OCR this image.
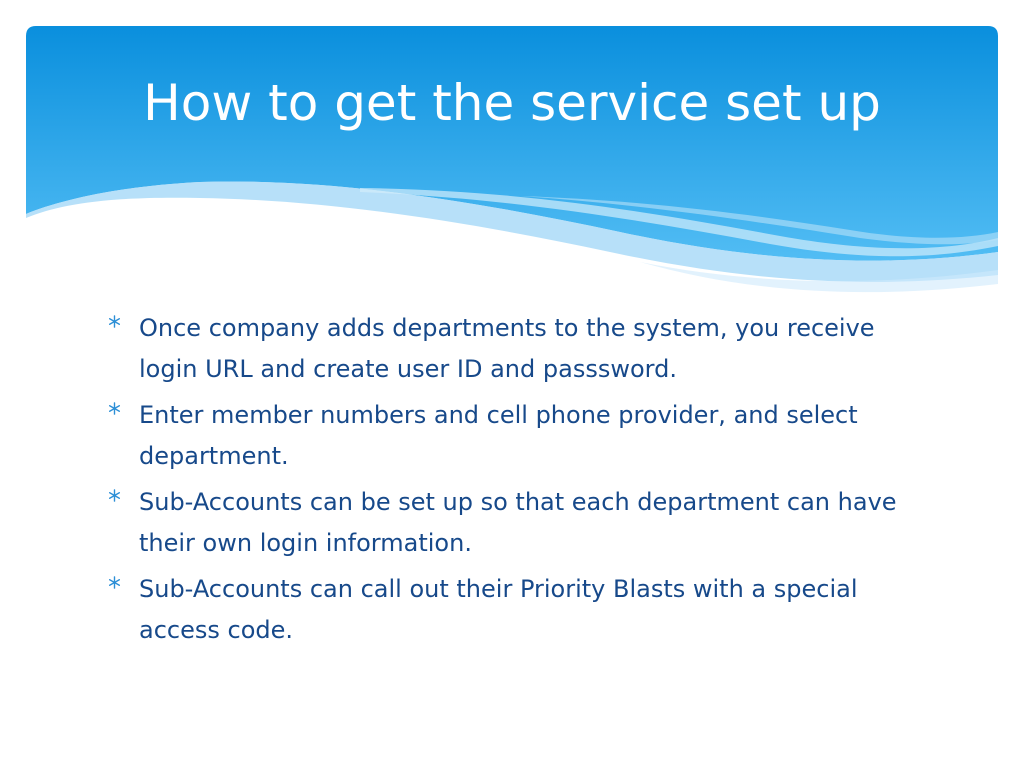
How to get the service set up
Once company adds departments to the system, you receive login URL and create user ID and passsword.
Enter member numbers and cell phone provider, and select department.
Sub-Accounts can be set up so that each department can have their own login information.
Sub-Accounts can call out their Priority Blasts with a special access code.
